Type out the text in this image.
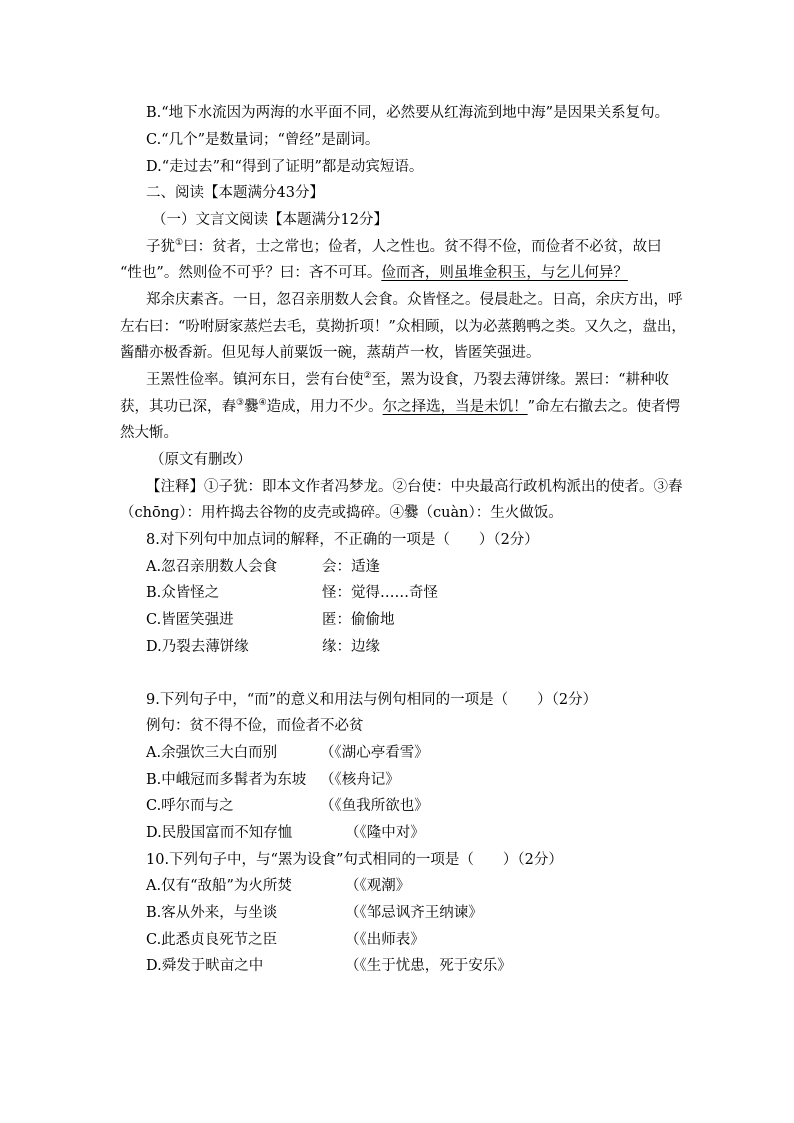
B.“地下水流因为两海的水平面不同，必然要从红海流到地中海”是因果关系复句。
C.“几个”是数量词；“曾经”是副词。
D.“走过去”和“得到了证明”都是动宾短语。
二、阅读【本题满分43分】
（一）文言文阅读【本题满分12分】
子犹①曰：贫者，士之常也；俭者，人之性也。贫不得不俭，而俭者不必贫，故曰
“性也”。然则俭不可乎？曰：吝不可耳。俭而吝，则虽堆金积玉，与乞儿何异？
郑余庆素吝。一日，忽召亲朋数人会食。众皆怪之。侵晨赴之。日高，余庆方出，呼
左右曰：“吩咐厨家蒸烂去毛，莫拗折项！”众相顾，以为必蒸鹅鸭之类。又久之，盘出，
酱醋亦极香新。但见每人前粟饭一碗，蒸葫芦一枚，皆匿笑强进。
王罴性俭率。镇河东日，尝有台使②至，罴为设食，乃裂去薄饼缘。罴曰：“耕种收
获，其功已深，舂③爨④造成，用力不少。尔之择选，当是未饥！”命左右撤去之。使者愕
然大惭。
（原文有删改）
【注释】①子犹：即本文作者冯梦龙。②台使：中央最高行政机构派出的使者。③舂
（chōnɡ）：用杵捣去谷物的皮壳或捣碎。④爨（cuàn）：生火做饭。
8.对下列句中加点词的解释，不正确的一项是（　　）（2分）
A.忽召亲朋数人会食	会：适逢
B.众皆怪之	怪：觉得……奇怪
C.皆匿笑强进	匿：偷偷地
D.乃裂去薄饼缘	缘：边缘
9.下列句子中，“而”的意义和用法与例句相同的一项是（　　）（2分）
例句：贫不得不俭，而俭者不必贫
A.余强饮三大白而别	（《湖心亭看雪》
B.中峨冠而多髯者为东坡 （《核舟记》
C.呼尔而与之	（《鱼我所欲也》
D.民殷国富而不知存恤	（《隆中对》
10.下列句子中，与“罴为设食”句式相同的一项是（　　）（2分）
A.仅有“敌船”为火所焚	（《观潮》
B.客从外来，与坐谈	（《邹忌讽齐王纳谏》
C.此悉贞良死节之臣	（《出师表》
D.舜发于畎亩之中	（《生于忧患，死于安乐》
